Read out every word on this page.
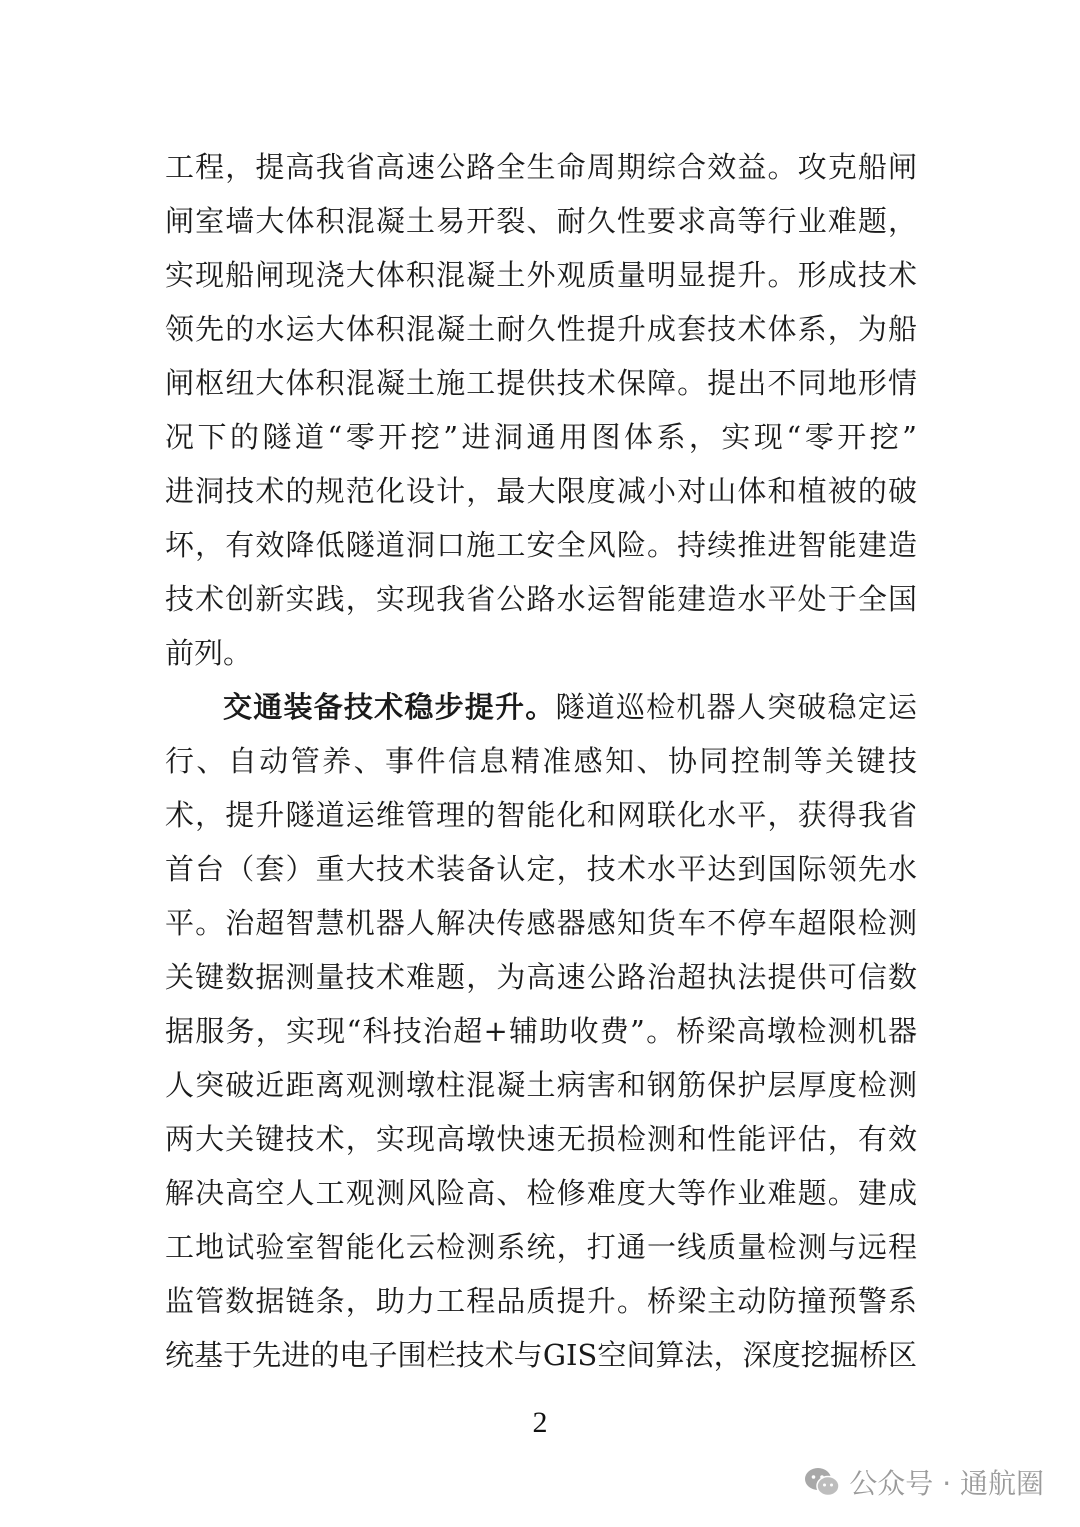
工程，提高我省高速公路全生命周期综合效益。攻克船闸
闸室墙大体积混凝土易开裂、耐久性要求高等行业难题，
实现船闸现浇大体积混凝土外观质量明显提升。形成技术
领先的水运大体积混凝土耐久性提升成套技术体系，为船
闸枢纽大体积混凝土施工提供技术保障。提出不同地形情
况下的隧道“零开挖”进洞通用图体系，实现“零开挖”
进洞技术的规范化设计，最大限度减小对山体和植被的破
坏，有效降低隧道洞口施工安全风险。持续推进智能建造
技术创新实践，实现我省公路水运智能建造水平处于全国
前列。
交通装备技术稳步提升。隧道巡检机器人突破稳定运
行、自动管养、事件信息精准感知、协同控制等关键技
术，提升隧道运维管理的智能化和网联化水平，获得我省
首台（套）重大技术装备认定，技术水平达到国际领先水
平。治超智慧机器人解决传感器感知货车不停车超限检测
关键数据测量技术难题，为高速公路治超执法提供可信数
据服务，实现“科技治超+辅助收费”。桥梁高墩检测机器
人突破近距离观测墩柱混凝土病害和钢筋保护层厚度检测
两大关键技术，实现高墩快速无损检测和性能评估，有效
解决高空人工观测风险高、检修难度大等作业难题。建成
工地试验室智能化云检测系统，打通一线质量检测与远程
监管数据链条，助力工程品质提升。桥梁主动防撞预警系
统基于先进的电子围栏技术与GIS空间算法，深度挖掘桥区
2
公众号 · 通航圈
